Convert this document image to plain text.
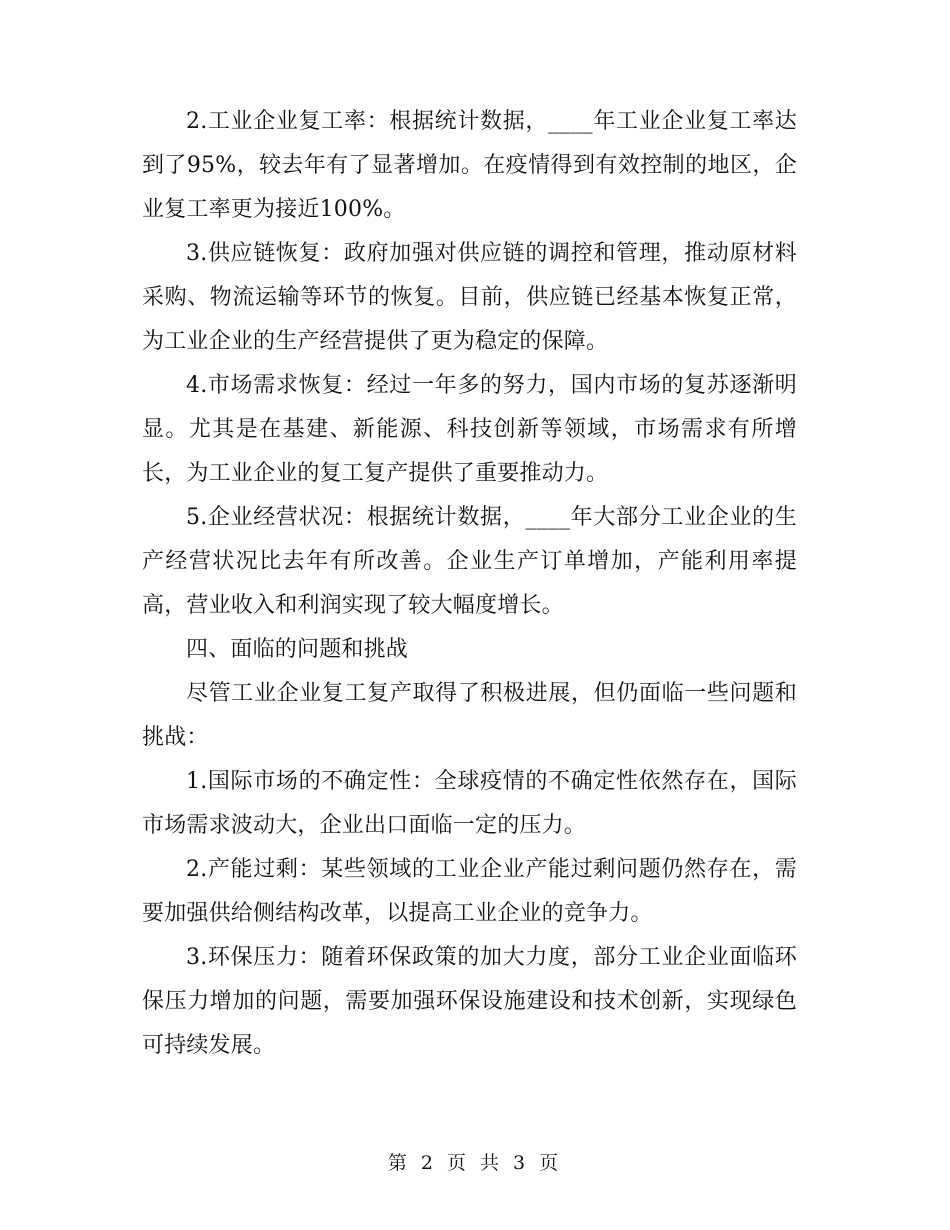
2.工业企业复工率：根据统计数据，____年工业企业复工率达到了95%，较去年有了显著增加。在疫情得到有效控制的地区，企业复工率更为接近100%。

3.供应链恢复：政府加强对供应链的调控和管理，推动原材料采购、物流运输等环节的恢复。目前，供应链已经基本恢复正常，为工业企业的生产经营提供了更为稳定的保障。

4.市场需求恢复：经过一年多的努力，国内市场的复苏逐渐明显。尤其是在基建、新能源、科技创新等领域，市场需求有所增长，为工业企业的复工复产提供了重要推动力。

5.企业经营状况：根据统计数据，____年大部分工业企业的生产经营状况比去年有所改善。企业生产订单增加，产能利用率提高，营业收入和利润实现了较大幅度增长。

四、面临的问题和挑战

尽管工业企业复工复产取得了积极进展，但仍面临一些问题和挑战：

1.国际市场的不确定性：全球疫情的不确定性依然存在，国际市场需求波动大，企业出口面临一定的压力。

2.产能过剩：某些领域的工业企业产能过剩问题仍然存在，需要加强供给侧结构改革，以提高工业企业的竞争力。

3.环保压力：随着环保政策的加大力度，部分工业企业面临环保压力增加的问题，需要加强环保设施建设和技术创新，实现绿色可持续发展。

第 2 页 共 3 页
